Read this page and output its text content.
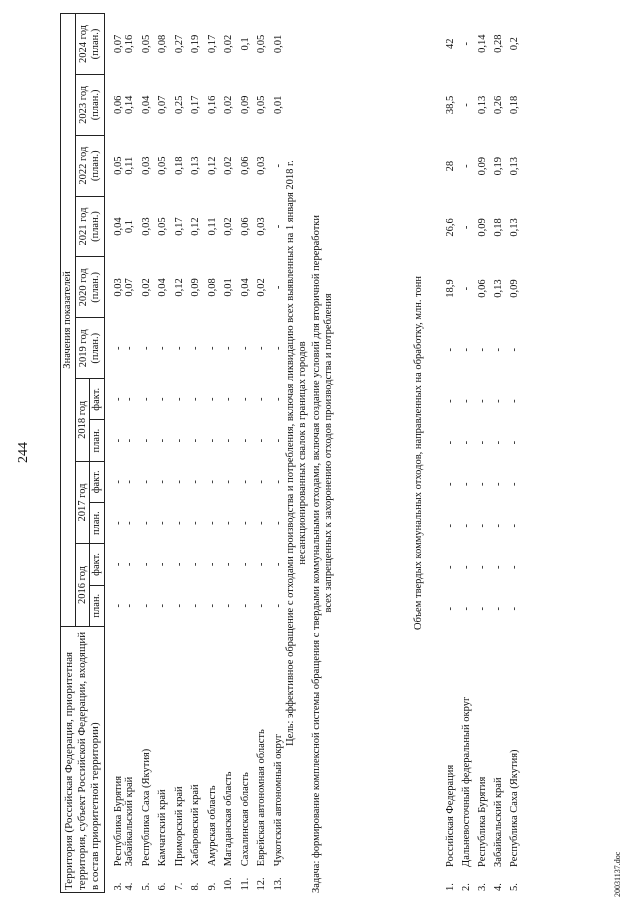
244
Территория (Российская Федерация, приоритетная территория, субъект Российской Федерации, входящий в состав приоритетной территории)		Значения показателей											
		2016 год		2017 год		2018 год		2019 год (план.)	2020 год (план.)	2021 год (план.)	2022 год (план.)	2023 год (план.)	2024 год (план.)
		план.	факт.	план.	факт.	план.	факт.						
3.	Республика Бурятия	-	-	-	-	-	-	-	0,03	0,04	0,05	0,06	0,07
4.	Забайкальский край	-	-	-	-	-	-	-	0,07	0,1	0,11	0,14	0,16
5.	Республика Саха (Якутия)	-	-	-	-	-	-	-	0,02	0,03	0,03	0,04	0,05
6.	Камчатский край	-	-	-	-	-	-	-	0,04	0,05	0,05	0,07	0,08
7.	Приморский край	-	-	-	-	-	-	-	0,12	0,17	0,18	0,25	0,27
8.	Хабаровский край	-	-	-	-	-	-	-	0,09	0,12	0,13	0,17	0,19
9.	Амурская область	-	-	-	-	-	-	-	0,08	0,11	0,12	0,16	0,17
10.	Магаданская область	-	-	-	-	-	-	-	0,01	0,02	0,02	0,02	0,02
11.	Сахалинская область	-	-	-	-	-	-	-	0,04	0,06	0,06	0,09	0,1
12.	Еврейская автономная область	-	-	-	-	-	-	-	0,02	0,03	0,03	0,05	0,05
13.	Чукотский автономный округ	-	-	-	-	-	-	-	-	-	-	0,01	0,01
Цель: эффективное обращение с отходами производства и потребления, включая ликвидацию всех выявленных на 1 января 2018 г. несанкционированных свалок в границах городов Задача: формирование комплексной системы обращения с твердыми коммунальными отходами, включая создание условий для вторичной переработки всех запрещенных к захоронению отходов производства и потребления	Объем твердых коммунальных отходов, направленных на обработку, млн. тонн
1.	Российская Федерация	-	-	-	-	-	-	-	18,9	26,6	28	38,5	42
2.	Дальневосточный федеральный округ	-	-	-	-	-	-	-	-	-	-	-	-
3.	Республика Бурятия	-	-	-	-	-	-	-	0,06	0,09	0,09	0,13	0,14
4.	Забайкальский край	-	-	-	-	-	-	-	0,13	0,18	0,19	0,26	0,28
5.	Республика Саха (Якутия)	-	-	-	-	-	-	-	0,09	0,13	0,13	0,18	0,2
20031137.doc
